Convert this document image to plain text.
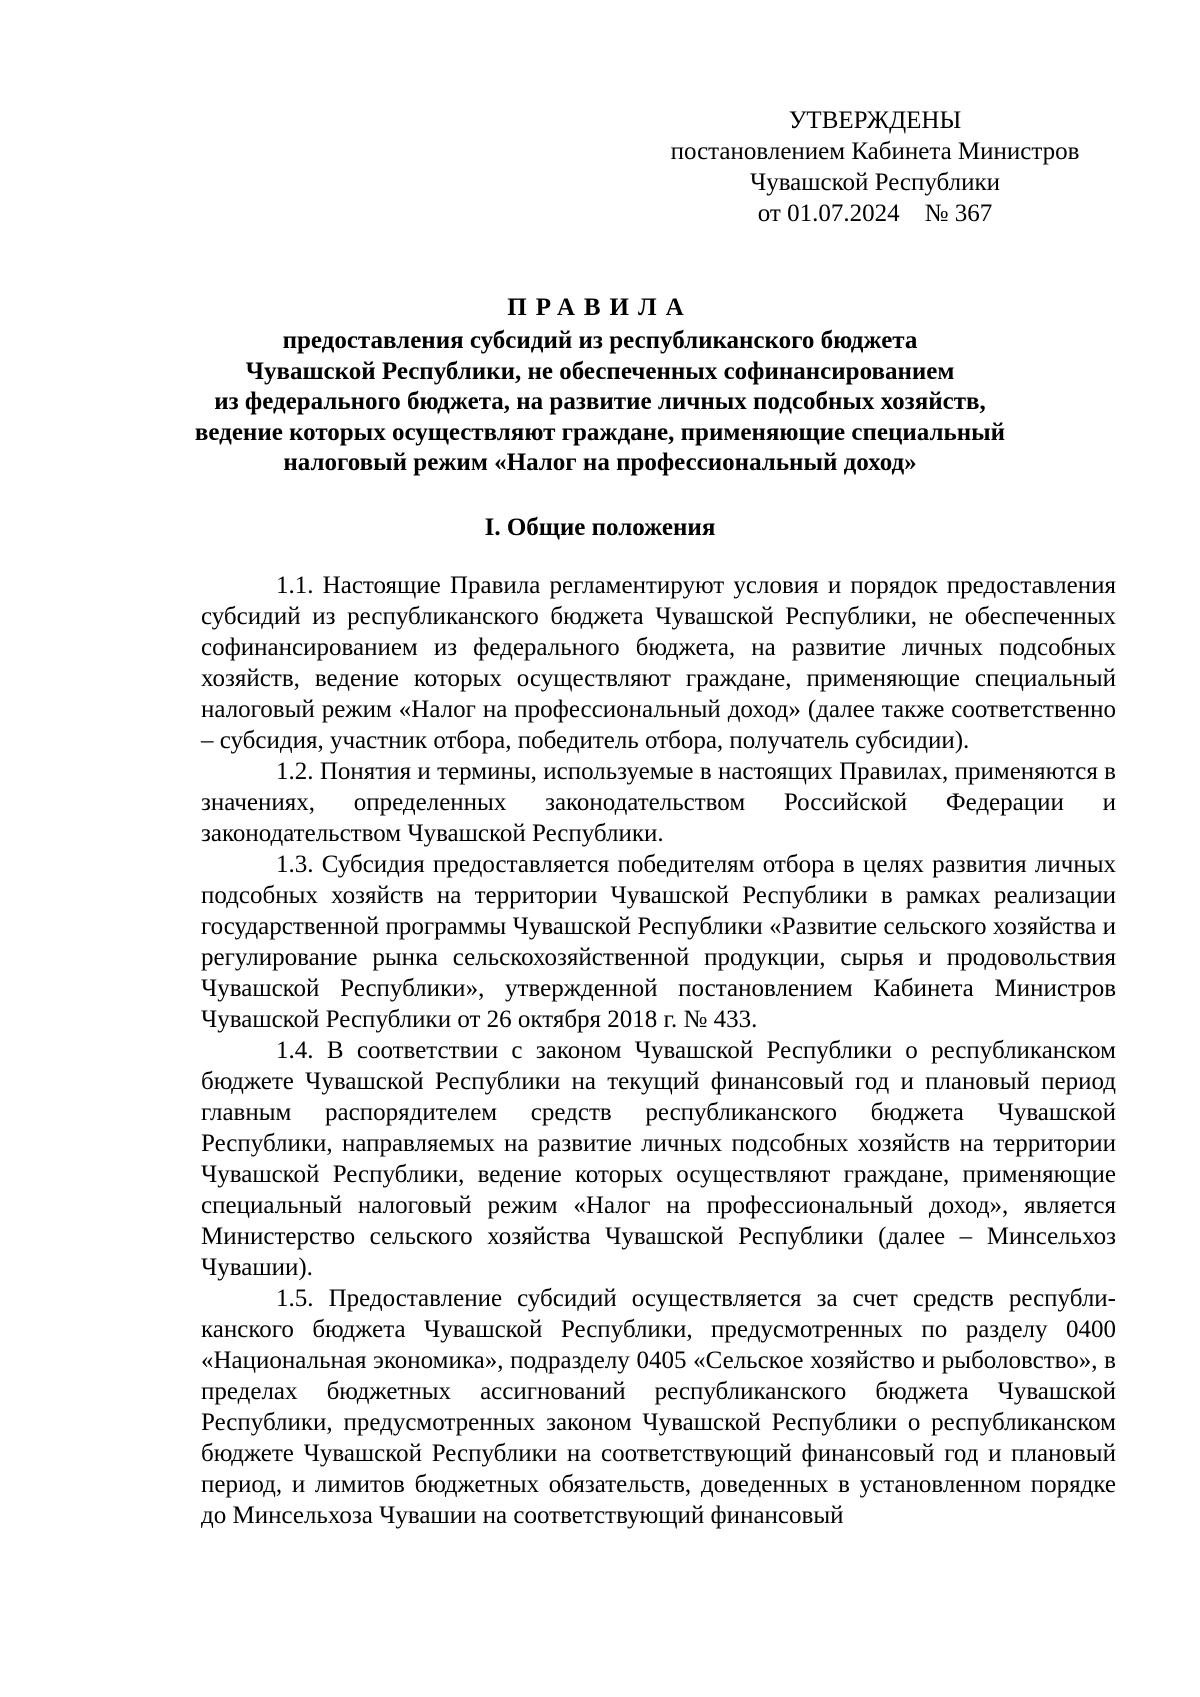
УТВЕРЖДЕНЫ
постановлением Кабинета Министров
Чувашской Республики
от 01.07.2024    № 367
ПРАВИЛА
предоставления субсидий из республиканского бюджета
Чувашской Республики, не обеспеченных софинансированием
из федерального бюджета, на развитие личных подсобных хозяйств,
ведение которых осуществляют граждане, применяющие специальный
налоговый режим «Налог на профессиональный доход»
I. Общие положения

1.1. Настоящие Правила регламентируют условия и порядок предоставления субсидий из республиканского бюджета Чувашской Республики, не обеспеченных софинансированием из федерального бюджета, на развитие личных подсобных хозяйств, ведение которых осуществляют граждане, применяющие специальный налоговый режим «Налог на профессиональный доход» (далее также соответственно – субсидия, участник отбора, победитель отбора, получатель субсидии).

1.2. Понятия и термины, используемые в настоящих Правилах, применяются в значениях, определенных законодательством Российской Федерации и законодательством Чувашской Республики.

1.3. Субсидия предоставляется победителям отбора в целях развития личных подсобных хозяйств на территории Чувашской Республики в рамках реализации государственной программы Чувашской Республики «Развитие сельского хозяйства и регулирование рынка сельскохозяйственной продукции, сырья и продовольствия Чувашской Республики», утвержденной постановлением Кабинета Министров Чувашской Республики от 26 октября 2018 г. № 433.

1.4. В соответствии с законом Чувашской Республики о республиканском бюджете Чувашской Республики на текущий финансовый год и плановый период главным распорядителем средств республиканского бюджета Чувашской Республики, направляемых на развитие личных подсобных хозяйств на территории Чувашской Республики, ведение которых осуществляют граждане, применяющие специальный налоговый режим «Налог на профессиональный доход», является Министерство сельского хозяйства Чувашской Республики (далее – Минсельхоз Чувашии).

1.5. Предоставление субсидий осуществляется за счет средств республиканского бюджета Чувашской Республики, предусмотренных по разделу 0400 «Национальная экономика», подразделу 0405 «Сельское хозяйство и рыболовство», в пределах бюджетных ассигнований республиканского бюджета Чувашской Республики, предусмотренных законом Чувашской Республики о республиканском бюджете Чувашской Республики на соответствующий финансовый год и плановый период, и лимитов бюджетных обязательств, доведенных в установленном порядке до Минсельхоза Чувашии на соответствующий финансовый
